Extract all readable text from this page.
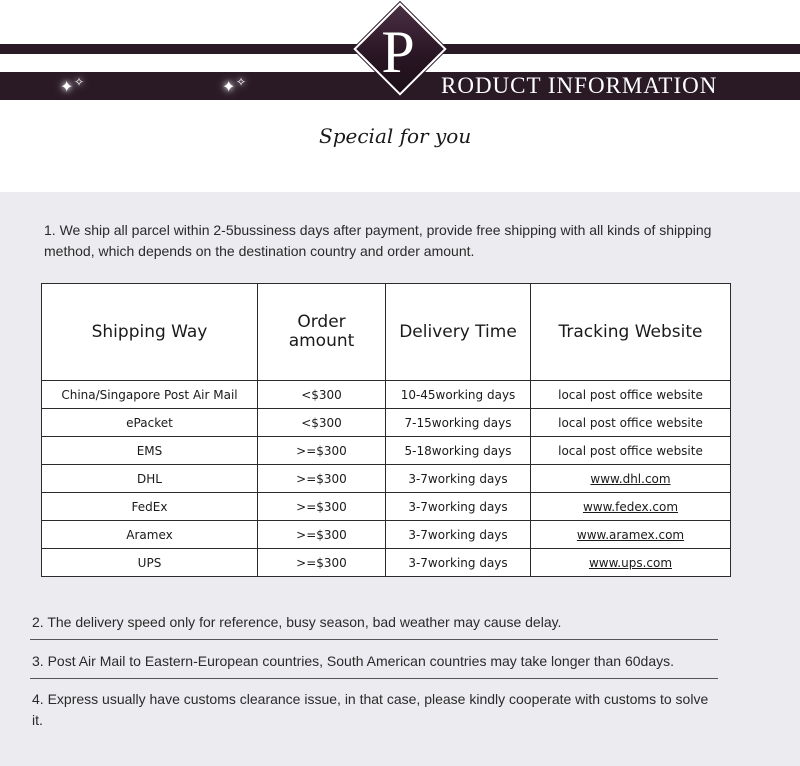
✦ ✧	✦ ✧	P
RODUCT INFORMATION
Special for you

1. We ship all parcel within 2-5bussiness days after payment, provide free shipping with all kinds of shipping method, which depends on the destination country and order amount.

Shipping Way	Order amount	Delivery Time	Tracking Website
China/Singapore Post Air Mail	<$300	10-45working days	local post office website
ePacket	<$300	7-15working days	local post office website
EMS	>=$300	5-18working days	local post office website
DHL	>=$300	3-7working days	www.dhl.com
FedEx	>=$300	3-7working days	www.fedex.com
Aramex	>=$300	3-7working days	www.aramex.com
UPS	>=$300	3-7working days	www.ups.com

2. The delivery speed only for reference, busy season, bad weather may cause delay.

3. Post Air Mail to Eastern-European countries, South American countries may take longer than 60days.

4. Express usually have customs clearance issue, in that case, please kindly cooperate with customs to solve it.
